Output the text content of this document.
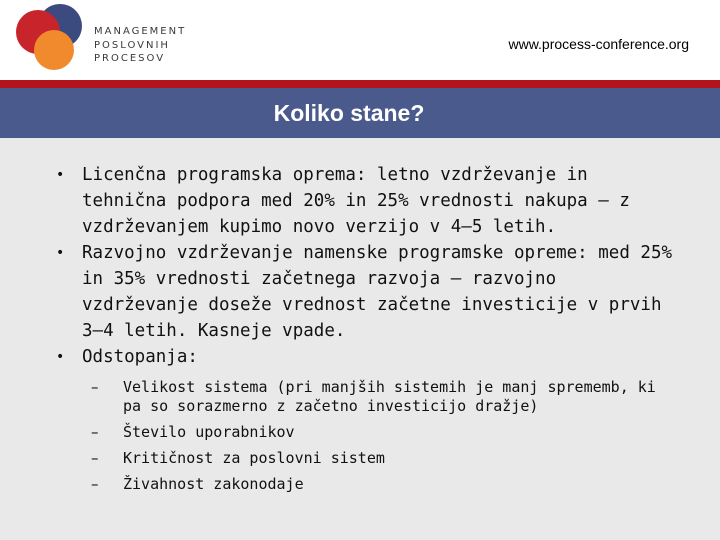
MANAGEMENT
POSLOVNIH
PROCESOV
www.process-conference.org
Koliko stane?
• Licenčna programska oprema: letno vzdrževanje in tehnična podpora med 20% in 25% vrednosti nakupa – z vzdrževanjem kupimo novo verzijo v 4–5 letih.
• Razvojno vzdrževanje namenske programske opreme: med 25% in 35% vrednosti začetnega razvoja – razvojno vzdrževanje doseže vrednost začetne investicije v prvih 3–4 letih. Kasneje vpade.
• Odstopanja:
– Velikost sistema (pri manjših sistemih je manj sprememb, ki pa so sorazmerno z začetno investicijo dražje)
– Število uporabnikov
– Kritičnost za poslovni sistem
– Živahnost zakonodaje
